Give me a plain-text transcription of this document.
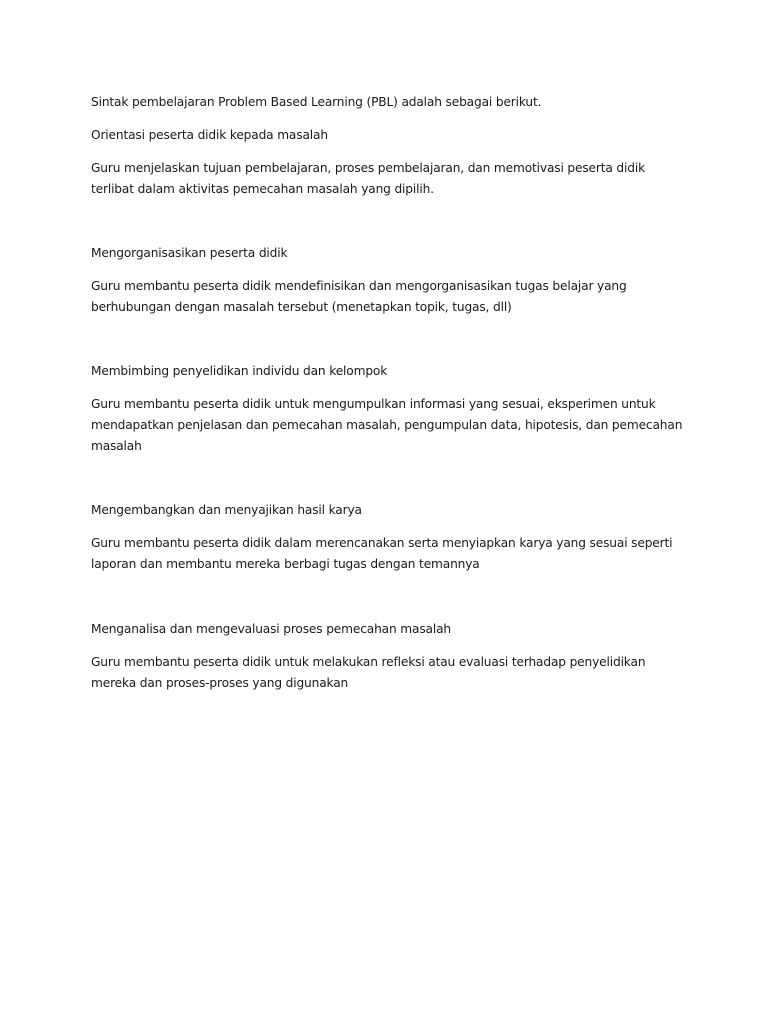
Sintak pembelajaran Problem Based Learning (PBL) adalah sebagai berikut.

Orientasi peserta didik kepada masalah

Guru menjelaskan tujuan pembelajaran, proses pembelajaran, dan memotivasi peserta didik terlibat dalam aktivitas pemecahan masalah yang dipilih.

Mengorganisasikan peserta didik

Guru membantu peserta didik mendefinisikan dan mengorganisasikan tugas belajar yang berhubungan dengan masalah tersebut (menetapkan topik, tugas, dll)

Membimbing penyelidikan individu dan kelompok

Guru membantu peserta didik untuk mengumpulkan informasi yang sesuai, eksperimen untuk mendapatkan penjelasan dan pemecahan masalah, pengumpulan data, hipotesis, dan pemecahan masalah

Mengembangkan dan menyajikan hasil karya

Guru membantu peserta didik dalam merencanakan serta menyiapkan karya yang sesuai seperti laporan dan membantu mereka berbagi tugas dengan temannya

Menganalisa dan mengevaluasi proses pemecahan masalah

Guru membantu peserta didik untuk melakukan refleksi atau evaluasi terhadap penyelidikan mereka dan proses-proses yang digunakan
